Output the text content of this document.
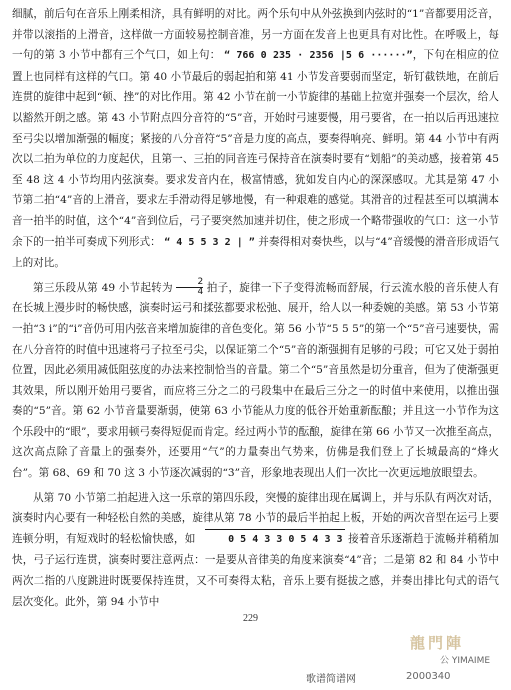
细腻，前后句在音乐上刚柔相济，具有鲜明的对比。两个乐句中从外弦换到内弦时的“1”音都要用泛音，并带以滚指的上滑音，这样做一方面较易控制音准，另一方面在发音上也更具有对比性。在呼吸上，每一句的第 3 小节中都有三个气口，如上句： “ 766 0 235 · 2356 |5 6 ······”，下句在相应的位置上也同样有这样的气口。第 40 小节最后的弱起拍和第 41 小节发音要弱而坚定，斩钉截铁地，在前后连贯的旋律中起到“顿、挫”的对比作用。第 42 小节在前一小节旋律的基础上拉宽并强奏一个层次，给人以豁然开朗之感。第 43 小节附点四分音符的“5”音，开始时弓速要慢，用弓要省，在一拍以后再迅速拉至弓尖以增加渐强的幅度；紧接的八分音符“5”音是力度的高点，要奏得响亮、鲜明。第 44 小节中有两次以二拍为单位的力度起伏，且第一、三拍的同音连弓保持音在演奏时要有“划船”的美动感，接着第 45 至 48 这 4 小节均用内弦演奏。要求发音内在，极富情感，犹如发自内心的深深感叹。尤其是第 47 小节第二拍“4”音的上滑音，要求左手滑动得足够地慢，有一种艰难的感觉。其滑音的过程甚至可以填满本音一拍半的时值，这个“4”音到位后，弓子要突然加速并切住，使之形成一个略带强收的气口：这一小节余下的一拍半可奏成下列形式： “ 4 5 5 3 2 | ” 并奏得相对奏快些，以与“4”音缓慢的滑音形成语气上的对比。

第三乐段从第 49 小节起转为 $\frac{2}{4}$ 拍子，旋律一下子变得流畅而舒展，行云流水般的音乐使人有在长城上漫步时的畅快感，演奏时运弓和揉弦都要求松弛、展开，给人以一种委婉的美感。第 53 小节第一拍“3 i”的“i”音仍可用内弦音来增加旋律的音色变化。第 56 小节“5 5 5”的第一个“5”音弓速要快，需在八分音符的时值中迅速将弓子拉至弓尖，以保证第二个“5”音的渐强拥有足够的弓段；可它又处于弱拍位置，因此必须用减低阻弦度的办法来控制恰当的音量。第二个“5”音虽然是切分重音，但为了使渐强更其效果，所以刚开始用弓要省，而应将三分之二的弓段集中在最后三分之一的时值中来使用，以推出强奏的“5”音。第 62 小节音量要渐弱，使第 63 小节能从力度的低谷开始重新酝酿；并且这一小节作为这个乐段中的“眼”，要求用顿弓奏得短促而肯定。经过两小节的酝酿，旋律在第 66 小节又一次推至高点，这次高点除了音量上的强奏外，还要用“气”的力量奏出气势来，仿佛是我们登上了长城最高的“烽火台”。第 68、69 和 70 这 3 小节逐次减弱的“3̇”音，形象地表现出人们一次比一次更远地放眼望去。

从第 70 小节第二拍起进入这一乐章的第四乐段，突慢的旋律出现在属调上，并与乐队有两次对话，演奏时内心要有一种轻松自然的美感，旋律从第 78 小节的最后半拍起上板，开始的两次音型在运弓上要连顿分明，有短戏时的轻松愉快感，如	0 5 4 3 3 0 5 4 3 3 接着音乐逐渐趋于流畅并稍稍加快，弓子运行连贯，演奏时要注意两点：一是要从音律美的角度来演奏“4”音；二是第 82 和 84 小节中两次二指的八度跳进时既要保持连贯，又不可奏得太粘，音乐上要有挺拔之感，并奏出排比句式的语气层次变化。此外，第 94 小节中

229
龍門陣
公 YIMAIME
歌谱简谱网	2000340
